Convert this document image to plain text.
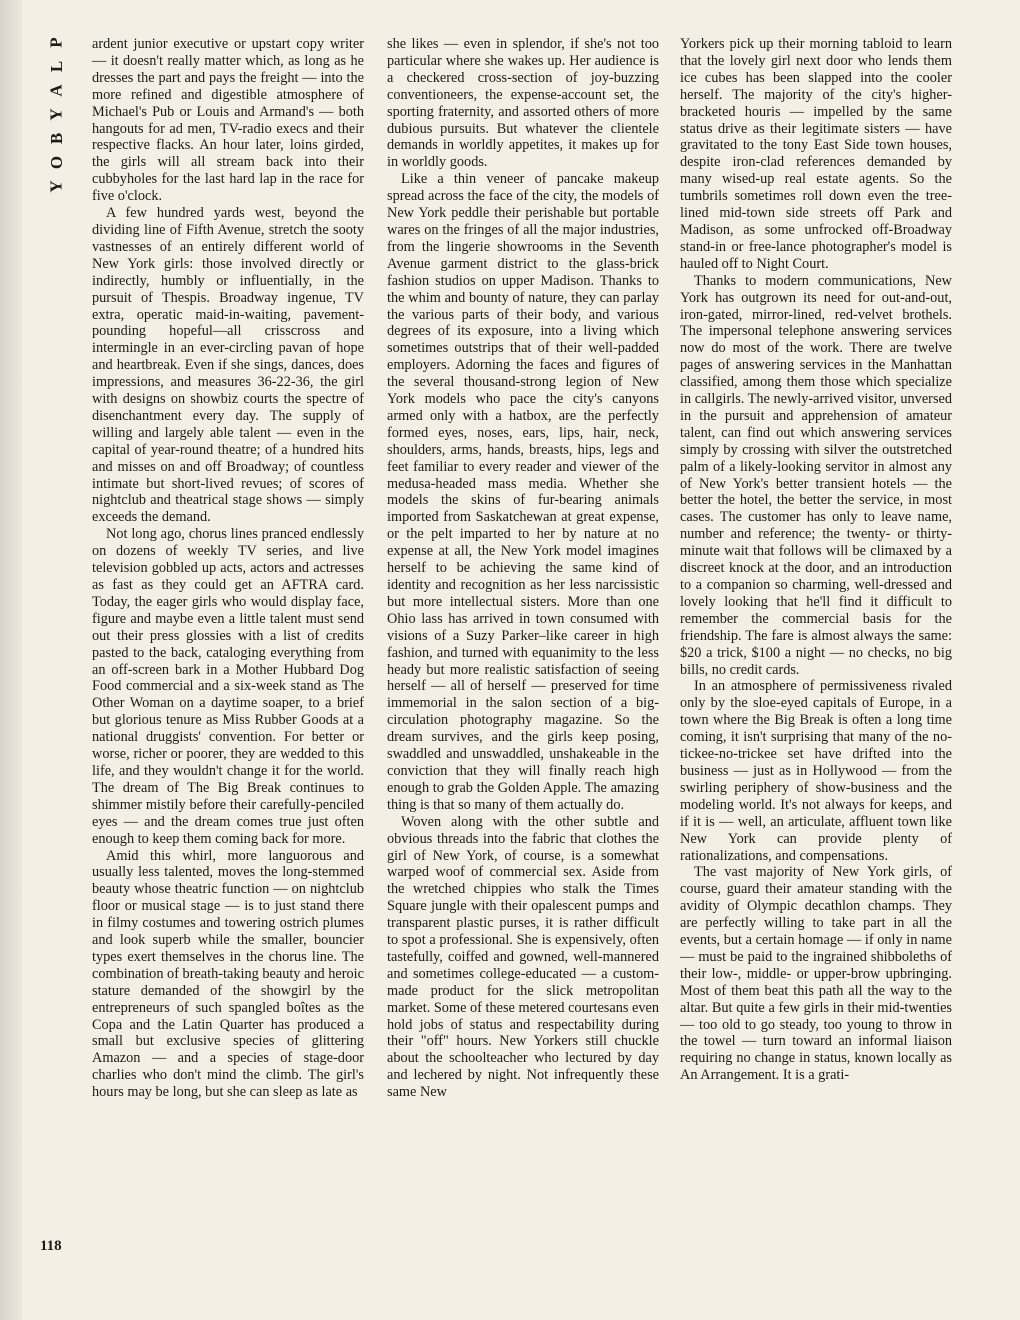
P
L
A
Y
B
O
Y

ardent junior executive or upstart copy writer — it doesn't really matter which, as long as he dresses the part and pays the freight — into the more refined and digestible atmosphere of Michael's Pub or Louis and Armand's — both hangouts for ad men, TV-radio execs and their respective flacks. An hour later, loins girded, the girls will all stream back into their cubbyholes for the last hard lap in the race for five o'clock.

A few hundred yards west, beyond the dividing line of Fifth Avenue, stretch the sooty vastnesses of an entirely different world of New York girls: those involved directly or indirectly, humbly or influentially, in the pursuit of Thespis. Broadway ingenue, TV extra, operatic maid-in-waiting, pavement-pounding hopeful—all crisscross and intermingle in an ever-circling pavan of hope and heartbreak. Even if she sings, dances, does impressions, and measures 36-22-36, the girl with designs on showbiz courts the spectre of disenchantment every day. The supply of willing and largely able talent — even in the capital of year-round theatre; of a hundred hits and misses on and off Broadway; of countless intimate but short-lived revues; of scores of nightclub and theatrical stage shows — simply exceeds the demand.

Not long ago, chorus lines pranced endlessly on dozens of weekly TV series, and live television gobbled up acts, actors and actresses as fast as they could get an AFTRA card. Today, the eager girls who would display face, figure and maybe even a little talent must send out their press glossies with a list of credits pasted to the back, cataloging everything from an off-screen bark in a Mother Hubbard Dog Food commercial and a six-week stand as The Other Woman on a daytime soaper, to a brief but glorious tenure as Miss Rubber Goods at a national druggists' convention. For better or worse, richer or poorer, they are wedded to this life, and they wouldn't change it for the world. The dream of The Big Break continues to shimmer mistily before their carefully-penciled eyes — and the dream comes true just often enough to keep them coming back for more.

Amid this whirl, more languorous and usually less talented, moves the long-stemmed beauty whose theatric function — on nightclub floor or musical stage — is to just stand there in filmy costumes and towering ostrich plumes and look superb while the smaller, bouncier types exert themselves in the chorus line. The combination of breath-taking beauty and heroic stature demanded of the showgirl by the entrepreneurs of such spangled boîtes as the Copa and the Latin Quarter has produced a small but exclusive species of glittering Amazon — and a species of stage-door charlies who don't mind the climb. The girl's hours may be long, but she can sleep as late as

she likes — even in splendor, if she's not too particular where she wakes up. Her audience is a checkered cross-section of joy-buzzing conventioneers, the expense-account set, the sporting fraternity, and assorted others of more dubious pursuits. But whatever the clientele demands in worldly appetites, it makes up for in worldly goods.

Like a thin veneer of pancake makeup spread across the face of the city, the models of New York peddle their perishable but portable wares on the fringes of all the major industries, from the lingerie showrooms in the Seventh Avenue garment district to the glass-brick fashion studios on upper Madison. Thanks to the whim and bounty of nature, they can parlay the various parts of their body, and various degrees of its exposure, into a living which sometimes outstrips that of their well-padded employers. Adorning the faces and figures of the several thousand-strong legion of New York models who pace the city's canyons armed only with a hatbox, are the perfectly formed eyes, noses, ears, lips, hair, neck, shoulders, arms, hands, breasts, hips, legs and feet familiar to every reader and viewer of the medusa-headed mass media. Whether she models the skins of fur-bearing animals imported from Saskatchewan at great expense, or the pelt imparted to her by nature at no expense at all, the New York model imagines herself to be achieving the same kind of identity and recognition as her less narcissistic but more intellectual sisters. More than one Ohio lass has arrived in town consumed with visions of a Suzy Parker–like career in high fashion, and turned with equanimity to the less heady but more realistic satisfaction of seeing herself — all of herself — preserved for time immemorial in the salon section of a big-circulation photography magazine. So the dream survives, and the girls keep posing, swaddled and unswaddled, unshakeable in the conviction that they will finally reach high enough to grab the Golden Apple. The amazing thing is that so many of them actually do.

Woven along with the other subtle and obvious threads into the fabric that clothes the girl of New York, of course, is a somewhat warped woof of commercial sex. Aside from the wretched chippies who stalk the Times Square jungle with their opalescent pumps and transparent plastic purses, it is rather difficult to spot a professional. She is expensively, often tastefully, coiffed and gowned, well-mannered and sometimes college-educated — a custom-made product for the slick metropolitan market. Some of these metered courtesans even hold jobs of status and respectability during their "off" hours. New Yorkers still chuckle about the schoolteacher who lectured by day and lechered by night. Not infrequently these same New

Yorkers pick up their morning tabloid to learn that the lovely girl next door who lends them ice cubes has been slapped into the cooler herself. The majority of the city's higher-bracketed houris — impelled by the same status drive as their legitimate sisters — have gravitated to the tony East Side town houses, despite iron-clad references demanded by many wised-up real estate agents. So the tumbrils sometimes roll down even the tree-lined mid-town side streets off Park and Madison, as some unfrocked off-Broadway stand-in or free-lance photographer's model is hauled off to Night Court.

Thanks to modern communications, New York has outgrown its need for out-and-out, iron-gated, mirror-lined, red-velvet brothels. The impersonal telephone answering services now do most of the work. There are twelve pages of answering services in the Manhattan classified, among them those which specialize in callgirls. The newly-arrived visitor, unversed in the pursuit and apprehension of amateur talent, can find out which answering services simply by crossing with silver the outstretched palm of a likely-looking servitor in almost any of New York's better transient hotels — the better the hotel, the better the service, in most cases. The customer has only to leave name, number and reference; the twenty- or thirty-minute wait that follows will be climaxed by a discreet knock at the door, and an introduction to a companion so charming, well-dressed and lovely looking that he'll find it difficult to remember the commercial basis for the friendship. The fare is almost always the same: $20 a trick, $100 a night — no checks, no big bills, no credit cards.

In an atmosphere of permissiveness rivaled only by the sloe-eyed capitals of Europe, in a town where the Big Break is often a long time coming, it isn't surprising that many of the no-tickee-no-trickee set have drifted into the business — just as in Hollywood — from the swirling periphery of show-business and the modeling world. It's not always for keeps, and if it is — well, an articulate, affluent town like New York can provide plenty of rationalizations, and compensations.

The vast majority of New York girls, of course, guard their amateur standing with the avidity of Olympic decathlon champs. They are perfectly willing to take part in all the events, but a certain homage — if only in name — must be paid to the ingrained shibboleths of their low-, middle- or upper-brow upbringing. Most of them beat this path all the way to the altar. But quite a few girls in their mid-twenties — too old to go steady, too young to throw in the towel — turn toward an informal liaison requiring no change in status, known locally as An Arrangement. It is a grati-

118
